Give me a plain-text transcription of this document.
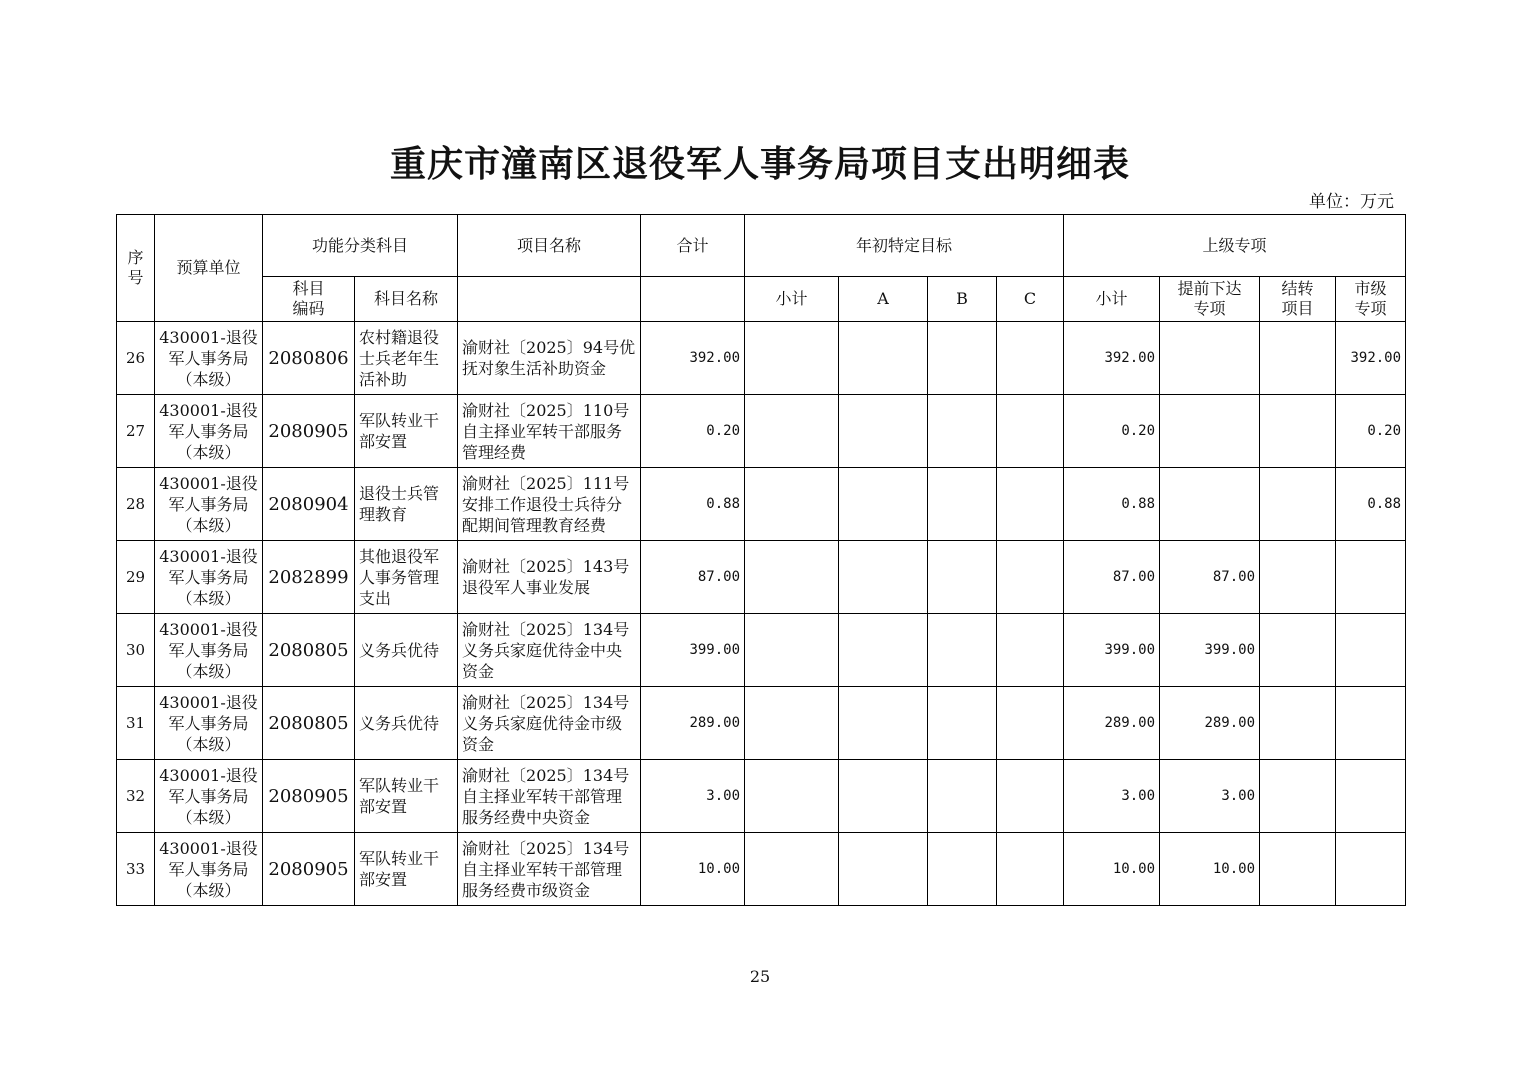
重庆市潼南区退役军人事务局项目支出明细表
单位：万元
序号	预算单位	功能分类科目		项目名称	合计	年初特定目标				上级专项			
		科目编码	科目名称			小计	A	B	C	小计	提前下达专项	结转项目	市级专项
26	430001-退役军人事务局（本级）	2080806	农村籍退役士兵老年生活补助	渝财社〔2025〕94号优抚对象生活补助资金	392.00					392.00			392.00
27	430001-退役军人事务局（本级）	2080905	军队转业干部安置	渝财社〔2025〕110号自主择业军转干部服务管理经费	0.20					0.20			0.20
28	430001-退役军人事务局（本级）	2080904	退役士兵管理教育	渝财社〔2025〕111号安排工作退役士兵待分配期间管理教育经费	0.88					0.88			0.88
29	430001-退役军人事务局（本级）	2082899	其他退役军人事务管理支出	渝财社〔2025〕143号退役军人事业发展	87.00					87.00	87.00		
30	430001-退役军人事务局（本级）	2080805	义务兵优待	渝财社〔2025〕134号义务兵家庭优待金中央资金	399.00					399.00	399.00		
31	430001-退役军人事务局（本级）	2080805	义务兵优待	渝财社〔2025〕134号义务兵家庭优待金市级资金	289.00					289.00	289.00		
32	430001-退役军人事务局（本级）	2080905	军队转业干部安置	渝财社〔2025〕134号自主择业军转干部管理服务经费中央资金	3.00					3.00	3.00		
33	430001-退役军人事务局（本级）	2080905	军队转业干部安置	渝财社〔2025〕134号自主择业军转干部管理服务经费市级资金	10.00					10.00	10.00		
25
